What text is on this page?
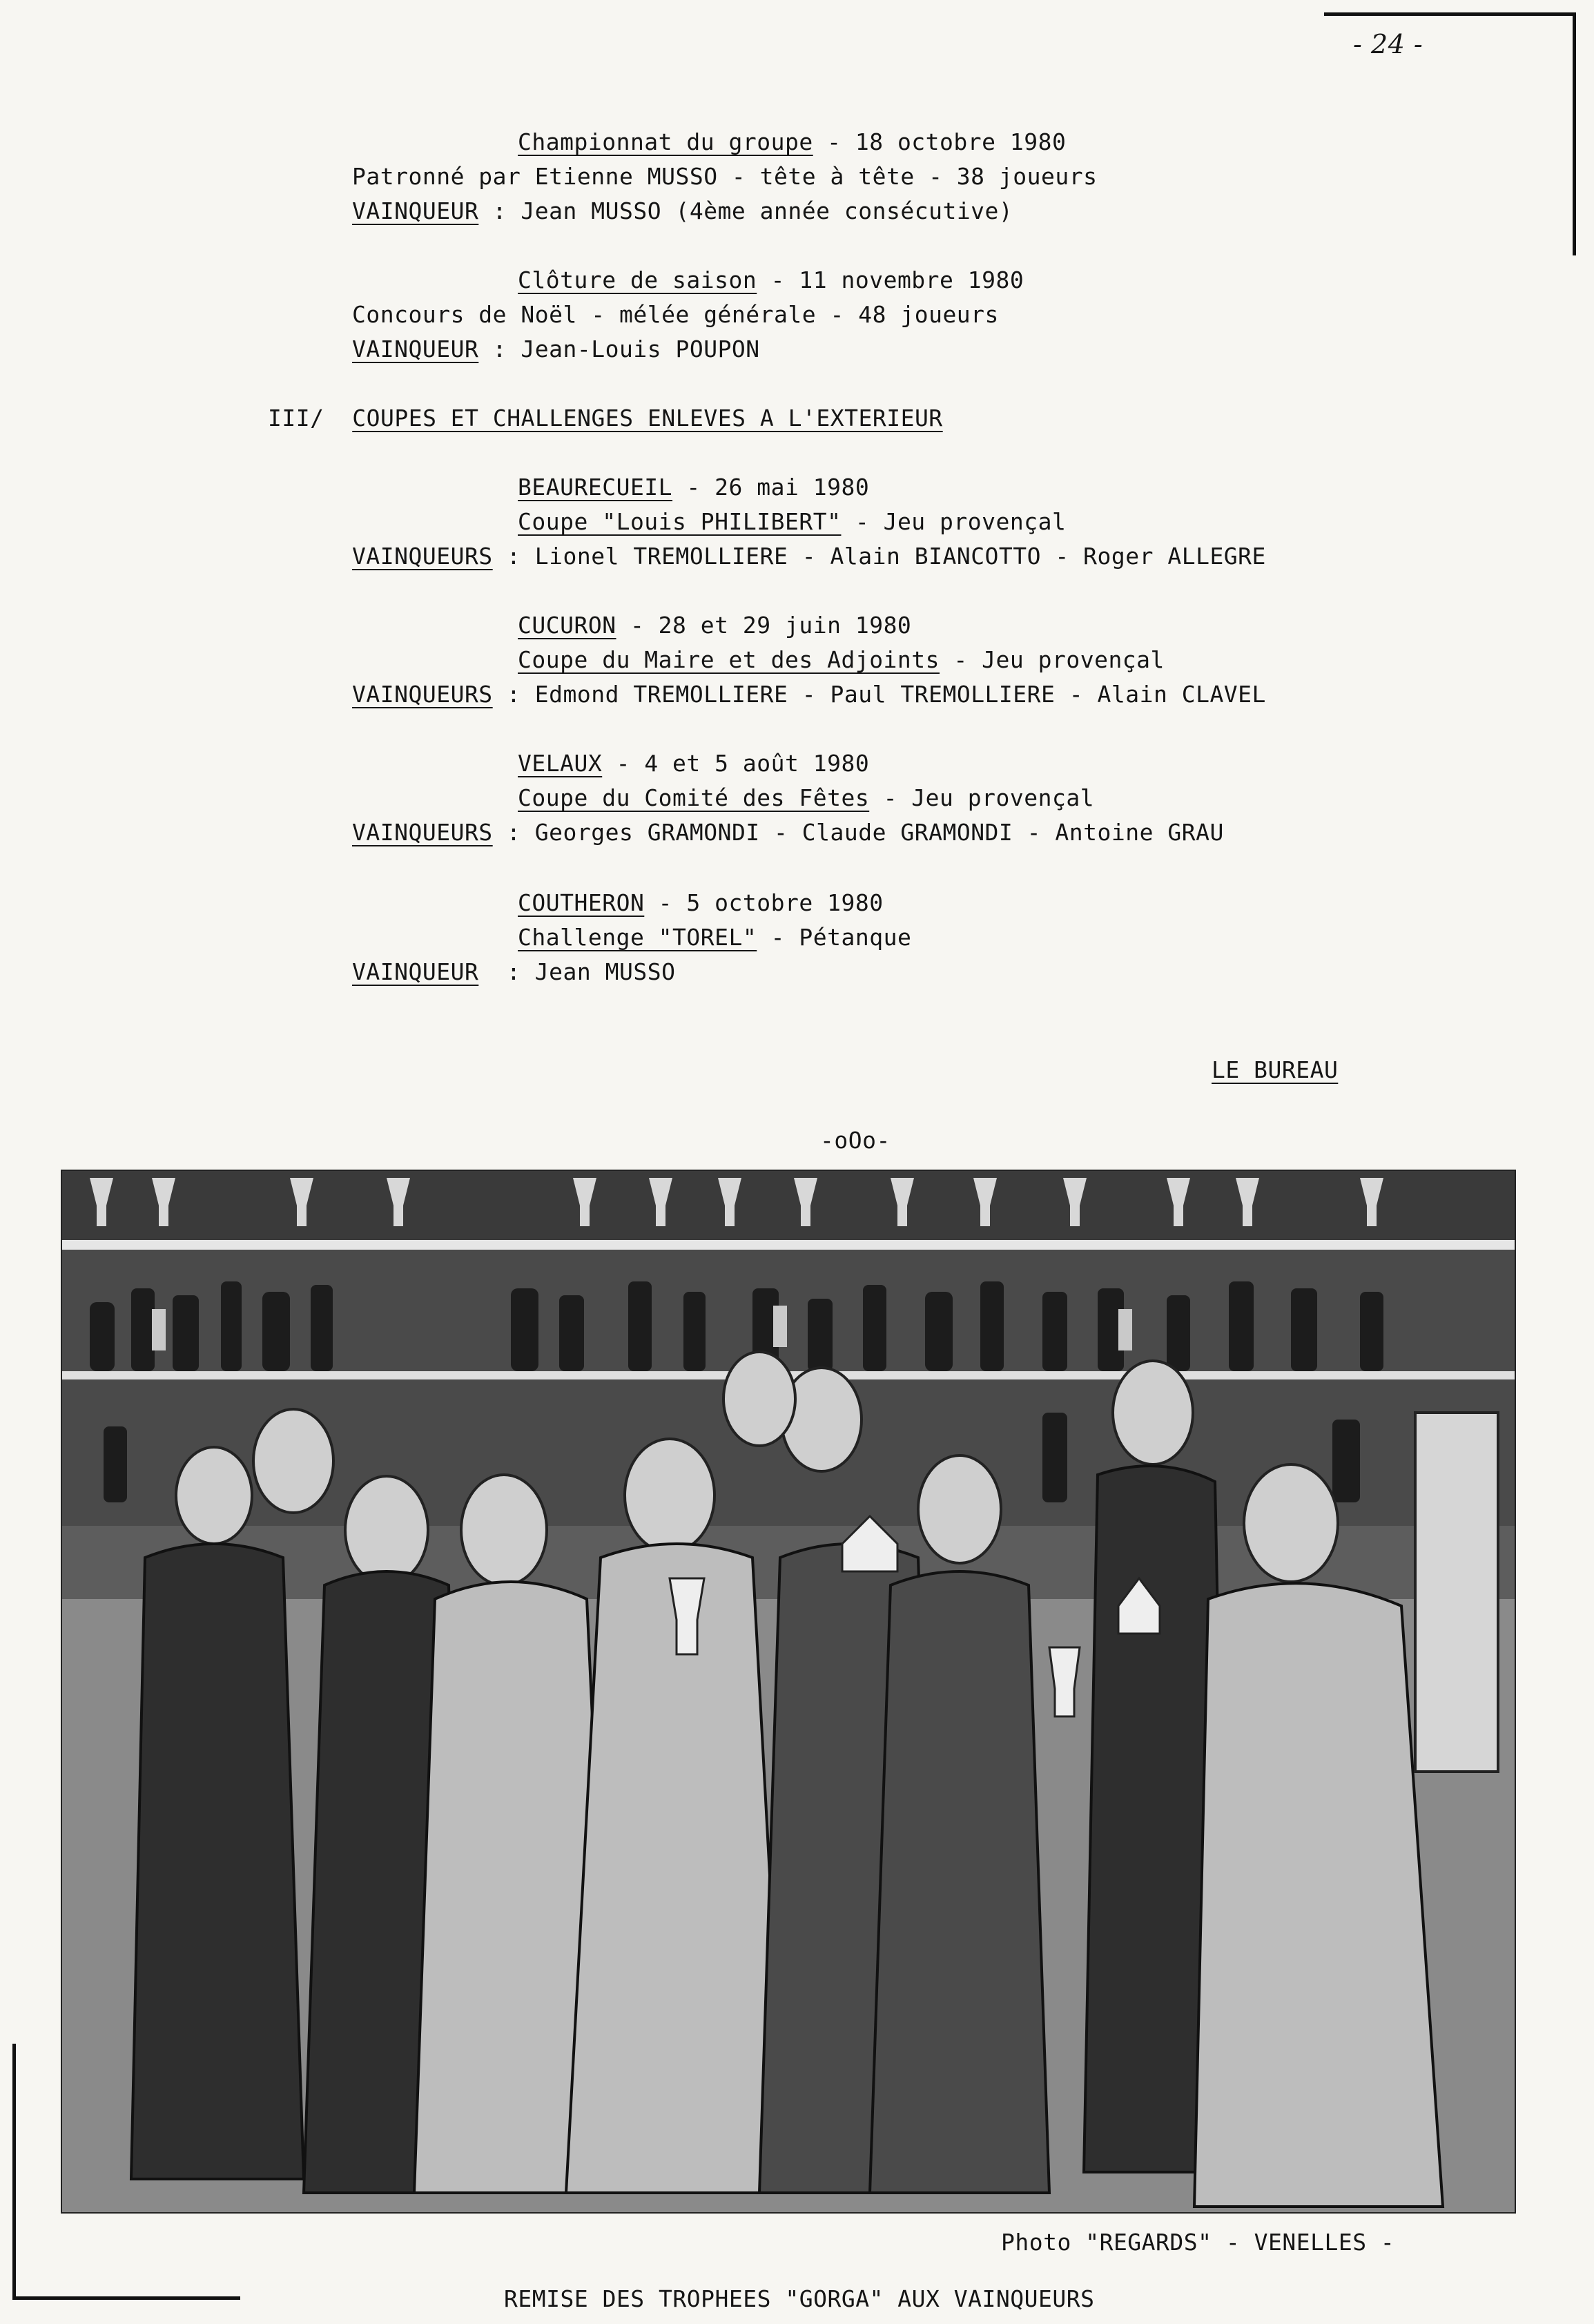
- 24 -
Championnat du groupe - 18 octobre 1980
Patronné par Etienne MUSSO - tête à tête - 38 joueurs
VAINQUEUR : Jean MUSSO (4ème année consécutive)
Clôture de saison - 11 novembre 1980
Concours de Noël - mélée générale - 48 joueurs
VAINQUEUR : Jean-Louis POUPON
III/ COUPES ET CHALLENGES ENLEVES A L'EXTERIEUR
BEAURECUEIL - 26 mai 1980
Coupe "Louis PHILIBERT" - Jeu provençal
VAINQUEURS : Lionel TREMOLLIERE - Alain BIANCOTTO - Roger ALLEGRE
CUCURON - 28 et 29 juin 1980
Coupe du Maire et des Adjoints - Jeu provençal
VAINQUEURS : Edmond TREMOLLIERE - Paul TREMOLLIERE - Alain CLAVEL
VELAUX - 4 et 5 août 1980
Coupe du Comité des Fêtes - Jeu provençal
VAINQUEURS : Georges GRAMONDI - Claude GRAMONDI - Antoine GRAU
COUTHERON - 5 octobre 1980
Challenge "TOREL" - Pétanque
VAINQUEUR  : Jean MUSSO
LE BUREAU
-oOo-
Photo "REGARDS" - VENELLES -
REMISE DES TROPHEES "GORGA" AUX VAINQUEURS
